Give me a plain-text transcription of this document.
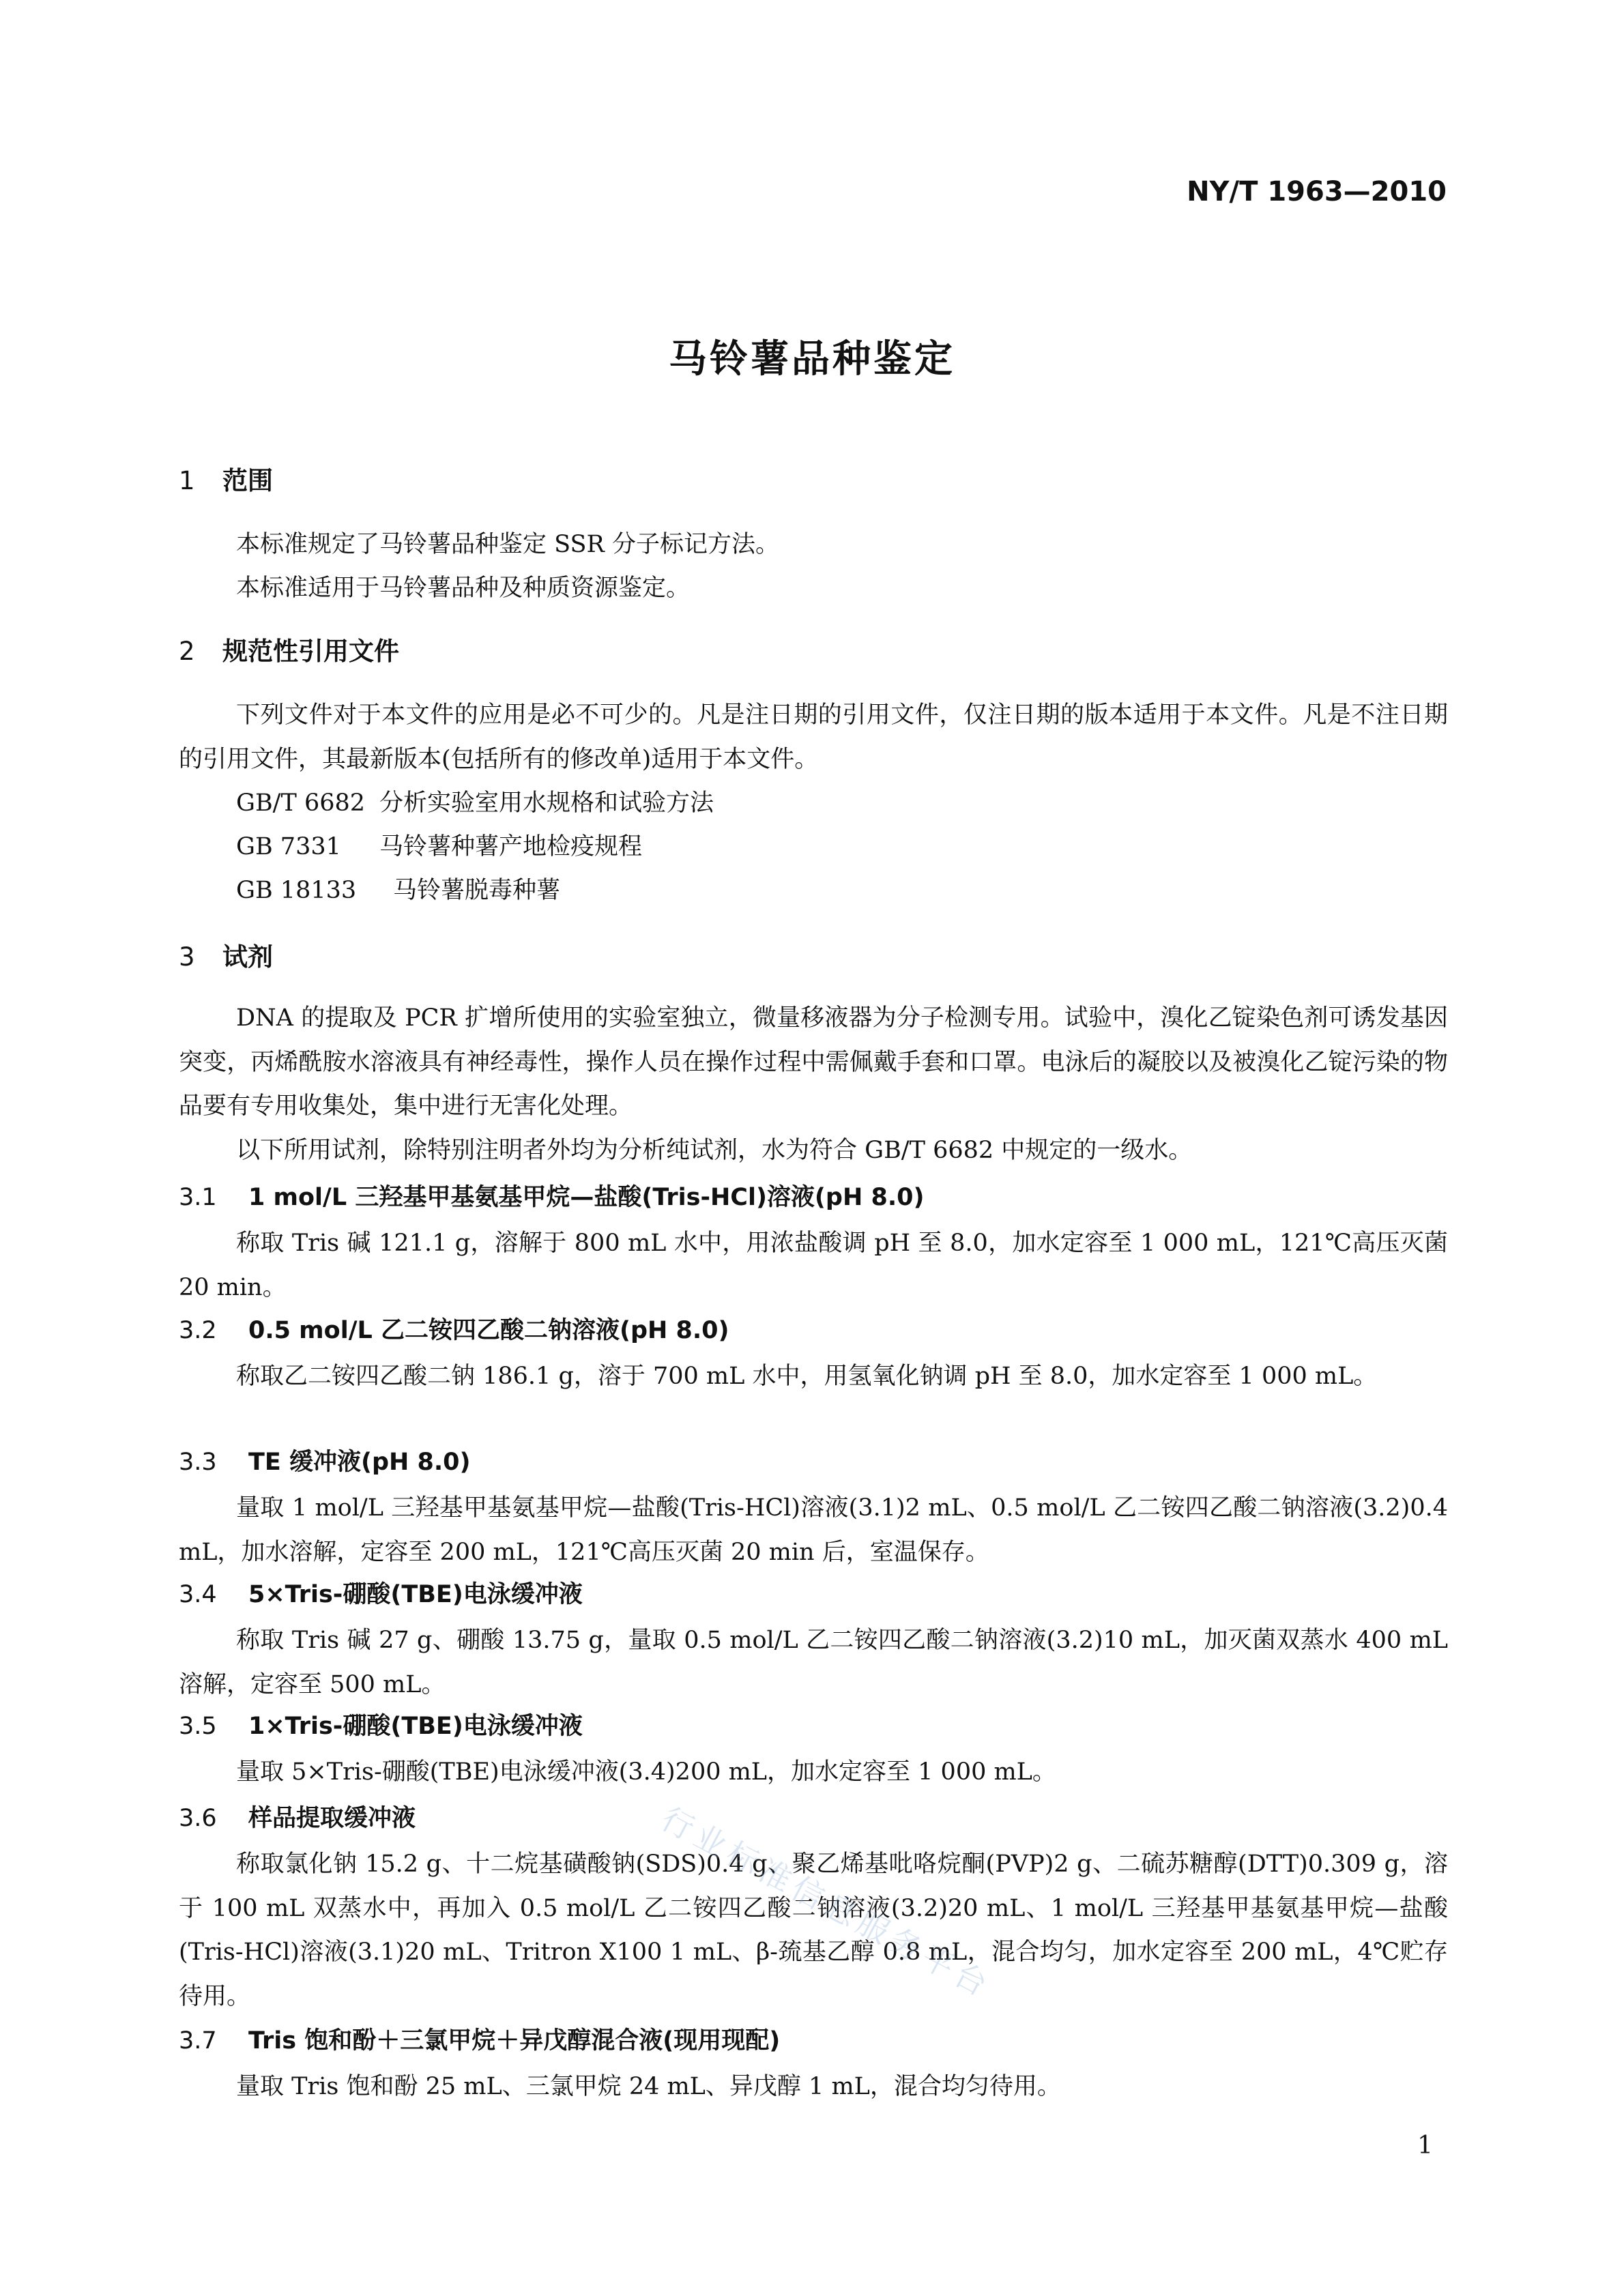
NY/T 1963—2010
马铃薯品种鉴定
1 范围
本标准规定了马铃薯品种鉴定 SSR 分子标记方法。
本标准适用于马铃薯品种及种质资源鉴定。
2 规范性引用文件
下列文件对于本文件的应用是必不可少的。凡是注日期的引用文件，仅注日期的版本适用于本文件。凡是不注日期的引用文件，其最新版本(包括所有的修改单)适用于本文件。
GB/T 6682 分析实验室用水规格和试验方法
GB 7331 马铃薯种薯产地检疫规程
GB 18133 马铃薯脱毒种薯
3 试剂
DNA 的提取及 PCR 扩增所使用的实验室独立，微量移液器为分子检测专用。试验中，溴化乙锭染色剂可诱发基因突变，丙烯酰胺水溶液具有神经毒性，操作人员在操作过程中需佩戴手套和口罩。电泳后的凝胶以及被溴化乙锭污染的物品要有专用收集处，集中进行无害化处理。
以下所用试剂，除特别注明者外均为分析纯试剂，水为符合 GB/T 6682 中规定的一级水。
3.1 1 mol/L 三羟基甲基氨基甲烷—盐酸(Tris-HCl)溶液(pH 8.0)
称取 Tris 碱 121.1 g，溶解于 800 mL 水中，用浓盐酸调 pH 至 8.0，加水定容至 1 000 mL，121℃高压灭菌 20 min。
3.2 0.5 mol/L 乙二铵四乙酸二钠溶液(pH 8.0)
称取乙二铵四乙酸二钠 186.1 g，溶于 700 mL 水中，用氢氧化钠调 pH 至 8.0，加水定容至 1 000 mL。
3.3 TE 缓冲液(pH 8.0)
量取 1 mol/L 三羟基甲基氨基甲烷—盐酸(Tris-HCl)溶液(3.1)2 mL、0.5 mol/L 乙二铵四乙酸二钠溶液(3.2)0.4 mL，加水溶解，定容至 200 mL，121℃高压灭菌 20 min 后，室温保存。
3.4 5×Tris-硼酸(TBE)电泳缓冲液
称取 Tris 碱 27 g、硼酸 13.75 g，量取 0.5 mol/L 乙二铵四乙酸二钠溶液(3.2)10 mL，加灭菌双蒸水 400 mL 溶解，定容至 500 mL。
3.5 1×Tris-硼酸(TBE)电泳缓冲液
量取 5×Tris-硼酸(TBE)电泳缓冲液(3.4)200 mL，加水定容至 1 000 mL。
3.6 样品提取缓冲液
称取氯化钠 15.2 g、十二烷基磺酸钠(SDS)0.4 g、聚乙烯基吡咯烷酮(PVP)2 g、二硫苏糖醇(DTT)0.309 g，溶于 100 mL 双蒸水中，再加入 0.5 mol/L 乙二铵四乙酸二钠溶液(3.2)20 mL、1 mol/L 三羟基甲基氨基甲烷—盐酸(Tris-HCl)溶液(3.1)20 mL、Tritron X100 1 mL、β-巯基乙醇 0.8 mL，混合均匀，加水定容至 200 mL，4℃贮存待用。
3.7 Tris 饱和酚＋三氯甲烷＋异戊醇混合液(现用现配)
量取 Tris 饱和酚 25 mL、三氯甲烷 24 mL、异戊醇 1 mL，混合均匀待用。
1
行业标准信息服务平台
